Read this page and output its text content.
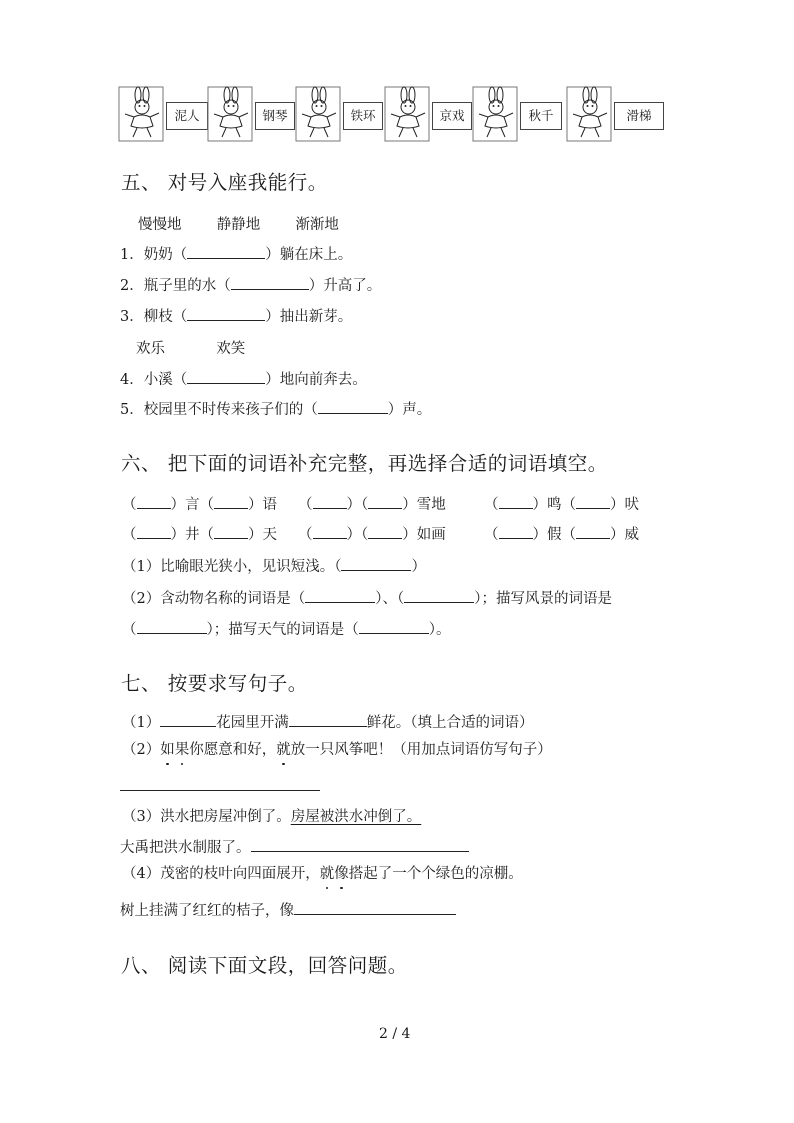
泥人	钢琴	铁环	京戏	秋千	滑梯
五、 对号入座我能行。
慢慢地 静静地 渐渐地
1．奶奶（	）躺在床上。
2．瓶子里的水（	）升高了。
3．柳枝（	）抽出新芽。
欢乐	欢笑
4．小溪（	）地向前奔去。
5．校园里不时传来孩子们的（	）声。
六、 把下面的词语补充完整，再选择合适的词语填空。
（ ）言（ ）语 （ ）（ ）雪地	（ ）鸣（ ）吠
（ ）井（ ）天 （ ）（ ）如画	（ ）假（ ）威
（1）比喻眼光狭小，见识短浅。（	）
（2）含动物名称的词语是（	）、（	）；描写风景的词语是
（	）；描写天气的词语是（	）。
七、 按要求写句子。
（1）	花园里开满	鲜花。（填上合适的词语）
（2）如果你愿意和好，就放一只风筝吧！（用加点词语仿写句子）
（3）洪水把房屋冲倒了。房屋被洪水冲倒了。
大禹把洪水制服了。
（4）茂密的枝叶向四面展开，就像搭起了一个个绿色的凉棚。
树上挂满了红红的桔子，像
八、 阅读下面文段，回答问题。
2 / 4
